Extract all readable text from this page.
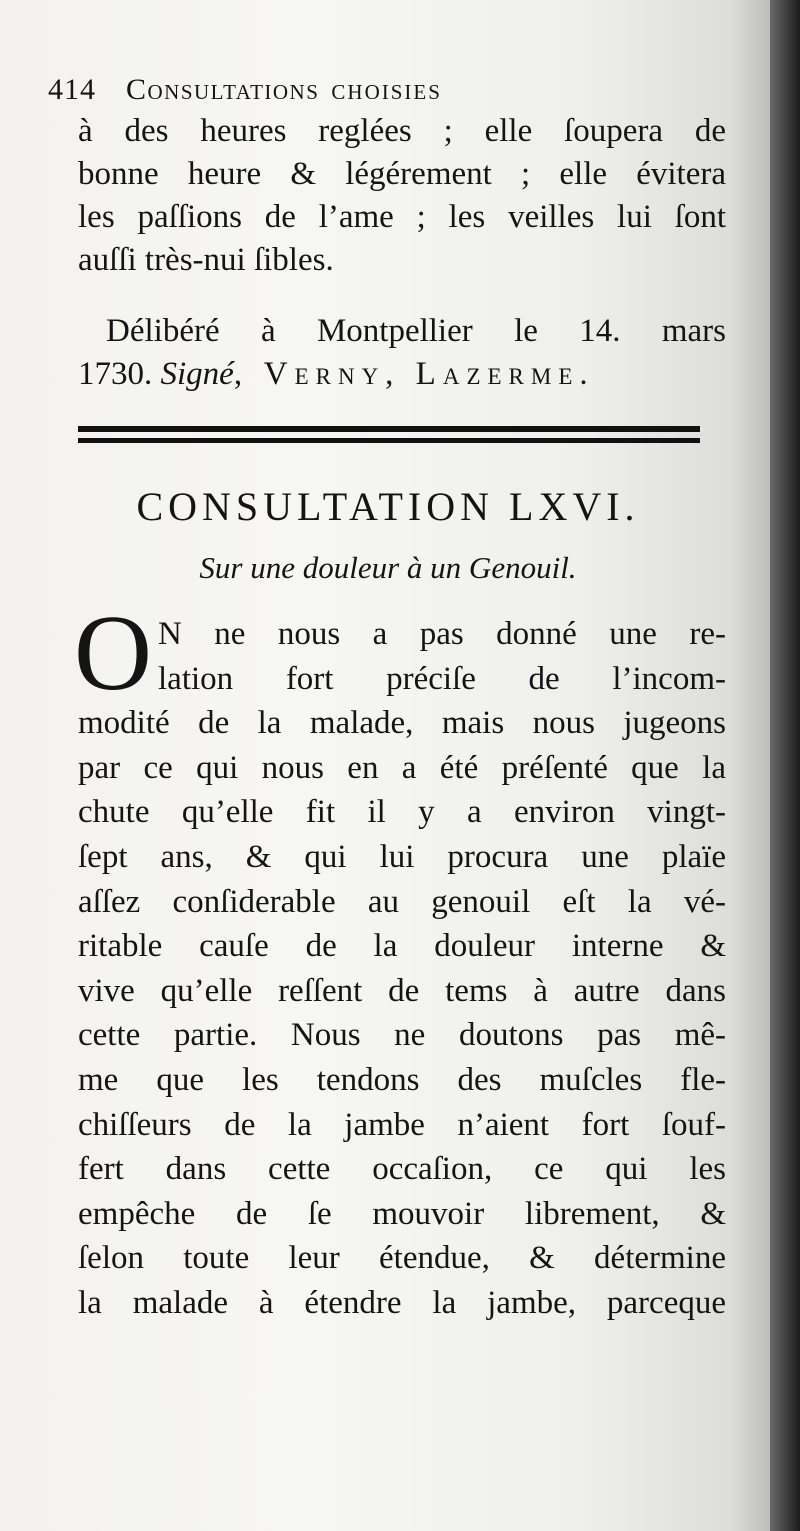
414 Consultations choisies
à des heures reglées ; elle ſoupera de
bonne heure & légérement ; elle évitera
les paſſions de l’ame ; les veilles lui ſont
auſſi très-nui ſibles.
Délibéré à Montpellier le 14. mars
1730. Signé, Verny, Lazerme.
CONSULTATION LXVI.
Sur une douleur à un Genouil.
O N ne nous a pas donné une re-
lation fort préciſe de l’incom-
modité de la malade, mais nous jugeons
par ce qui nous en a été préſenté que la
chute qu’elle fit il y a environ vingt-
ſept ans, & qui lui procura une plaïe
aſſez conſiderable au genouil eſt la vé-
ritable cauſe de la douleur interne &
vive qu’elle reſſent de tems à autre dans
cette partie. Nous ne doutons pas mê-
me que les tendons des muſcles fle-
chiſſeurs de la jambe n’aient fort ſouf-
fert dans cette occaſion, ce qui les
empêche de ſe mouvoir librement, &
ſelon toute leur étendue, & détermine
la malade à étendre la jambe, parceque
